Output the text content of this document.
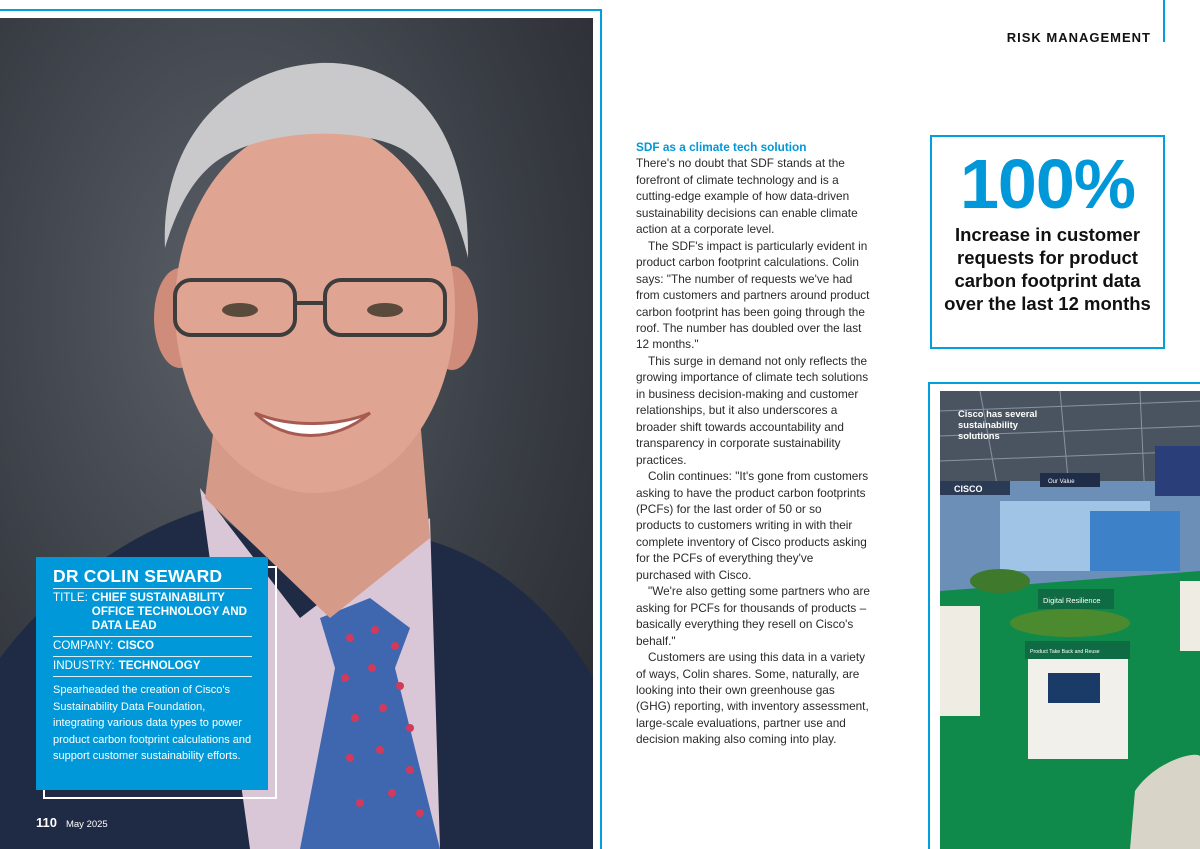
DR COLIN SEWARD
TITLE: CHIEF SUSTAINABILITY OFFICE TECHNOLOGY AND DATA LEAD
COMPANY: CISCO
INDUSTRY: TECHNOLOGY
Spearheaded the creation of Cisco's Sustainability Data Foundation, integrating various data types to power product carbon footprint calculations and support customer sustainability efforts.
110 May 2025
RISK MANAGEMENT
SDF as a climate tech solution

There's no doubt that SDF stands at the forefront of climate technology and is a cutting-edge example of how data-driven sustainability decisions can enable climate action at a corporate level.

The SDF's impact is particularly evident in product carbon footprint calculations. Colin says: "The number of requests we've had from customers and partners around product carbon footprint has been going through the roof. The number has doubled over the last 12 months."

This surge in demand not only reflects the growing importance of climate tech solutions in business decision-making and customer relationships, but it also underscores a broader shift towards accountability and transparency in corporate sustainability practices.

Colin continues: "It's gone from customers asking to have the product carbon footprints (PCFs) for the last order of 50 or so products to customers writing in with their complete inventory of Cisco products asking for the PCFs of everything they've purchased with Cisco.

"We're also getting some partners who are asking for PCFs for thousands of products – basically everything they resell on Cisco's behalf."

Customers are using this data in a variety of ways, Colin shares. Some, naturally, are looking into their own greenhouse gas (GHG) reporting, with inventory assessment, large-scale evaluations, partner use and decision making also coming into play.

100%
Increase in customer requests for product carbon footprint data over the last 12 months
CISCO
Our Value
Digital Resilience
Product Take Back and Reuse
Cisco has several sustainability solutions
